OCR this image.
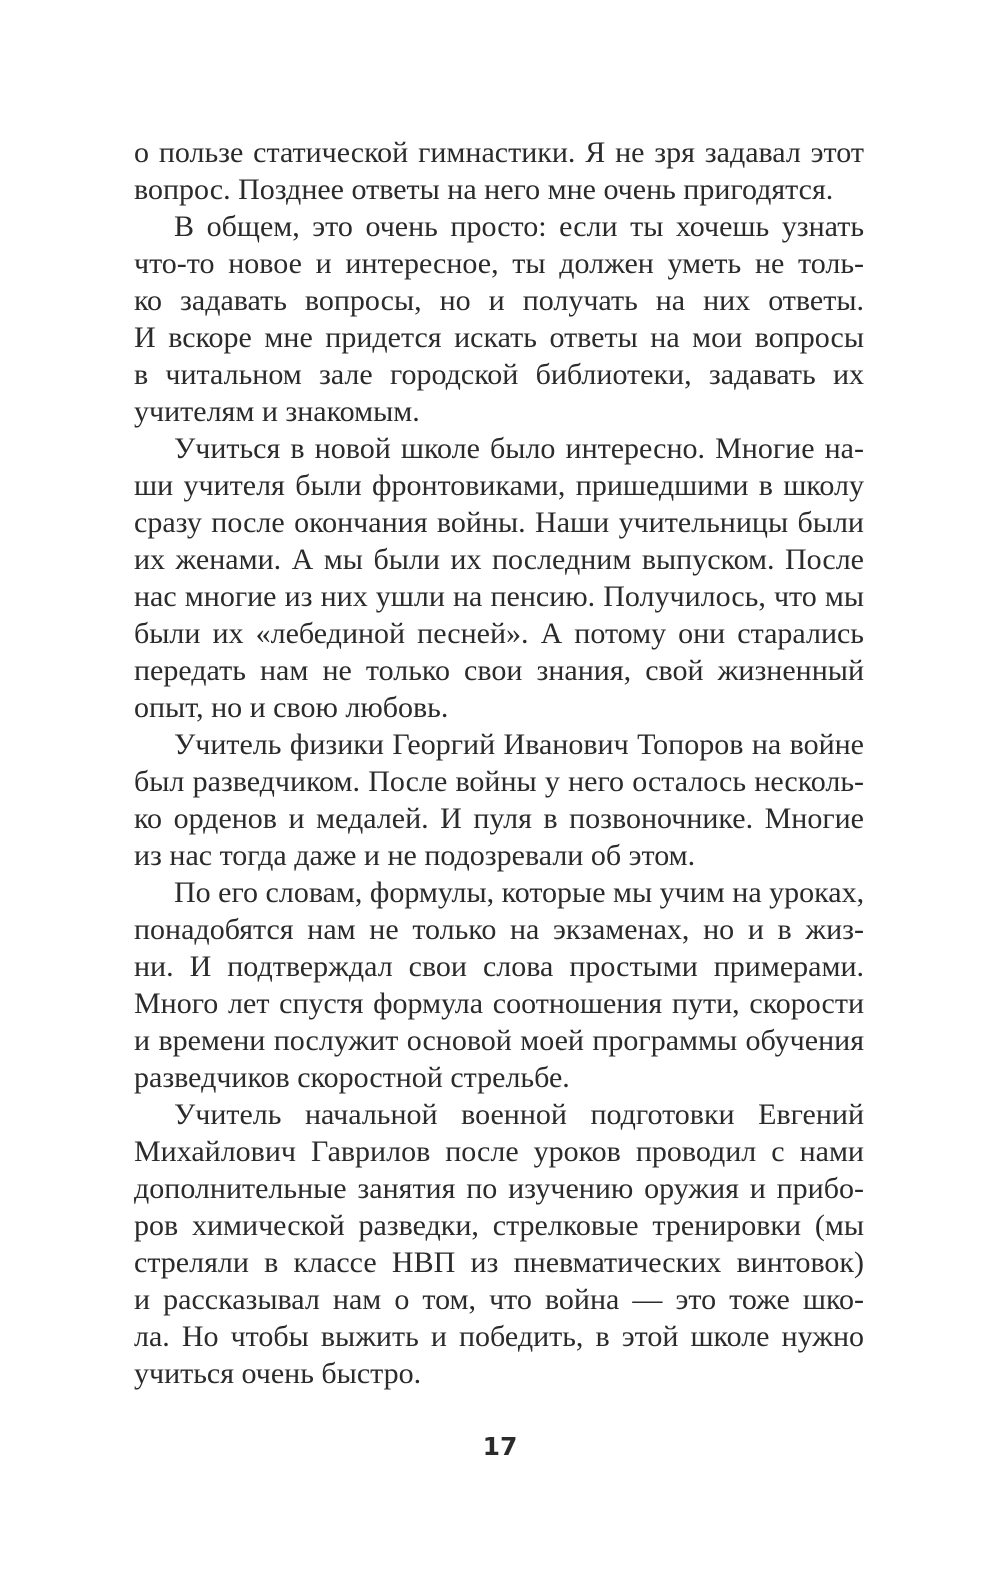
о пользе статической гимнастики. Я не зря задавал этот
вопрос. Позднее ответы на него мне очень пригодятся.
В общем, это очень просто: если ты хочешь узнать
что-то новое и интересное, ты должен уметь не толь-
ко задавать вопросы, но и получать на них ответы.
И вскоре мне придется искать ответы на мои вопросы
в читальном зале городской библиотеки, задавать их
учителям и знакомым.
Учиться в новой школе было интересно. Многие на-
ши учителя были фронтовиками, пришедшими в школу
сразу после окончания войны. Наши учительницы были
их женами. А мы были их последним выпуском. После
нас многие из них ушли на пенсию. Получилось, что мы
были их «лебединой песней». А потому они старались
передать нам не только свои знания, свой жизненный
опыт, но и свою любовь.
Учитель физики Георгий Иванович Топоров на войне
был разведчиком. После войны у него осталось несколь-
ко орденов и медалей. И пуля в позвоночнике. Многие
из нас тогда даже и не подозревали об этом.
По его словам, формулы, которые мы учим на уроках,
понадобятся нам не только на экзаменах, но и в жиз-
ни. И подтверждал свои слова простыми примерами.
Много лет спустя формула соотношения пути, скорости
и времени послужит основой моей программы обучения
разведчиков скоростной стрельбе.
Учитель начальной военной подготовки Евгений
Михайлович Гаврилов после уроков проводил с нами
дополнительные занятия по изучению оружия и прибо-
ров химической разведки, стрелковые тренировки (мы
стреляли в классе НВП из пневматических винтовок)
и рассказывал нам о том, что война — это тоже шко-
ла. Но чтобы выжить и победить, в этой школе нужно
учиться очень быстро.
17
